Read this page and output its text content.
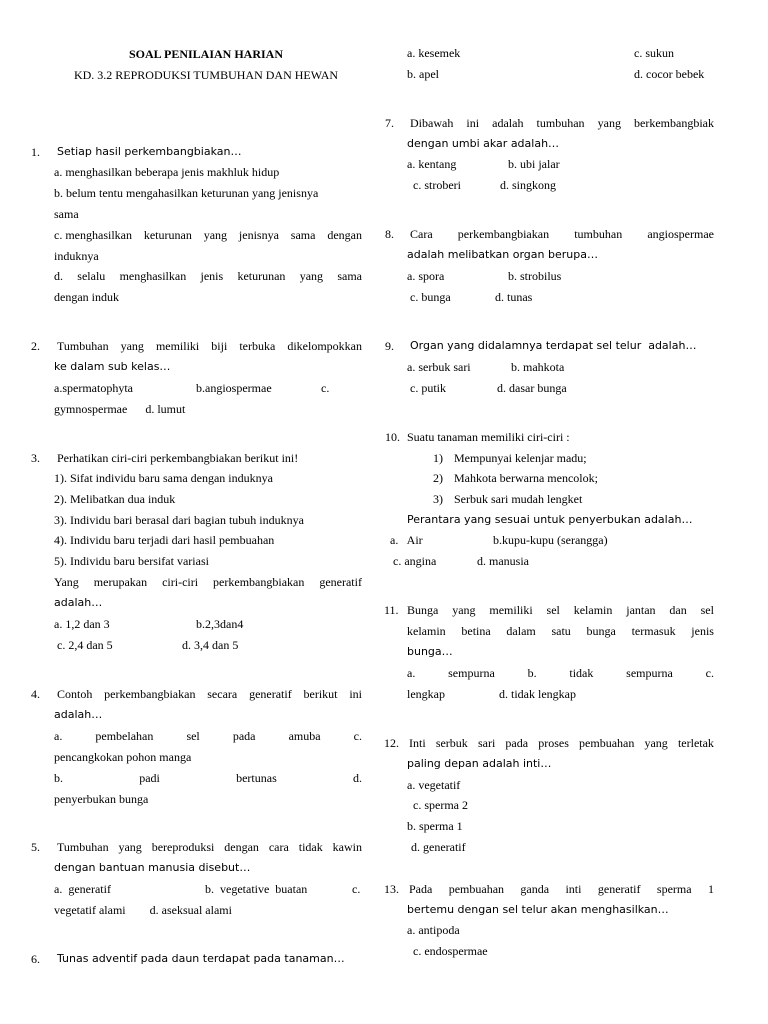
SOAL PENILAIAN HARIAN
KD. 3.2 REPRODUKSI TUMBUHAN DAN HEWAN
1. Setiap hasil perkembangbiakan…
a. menghasilkan beberapa jenis makhluk hidup
b. belum tentu mengahasilkan keturunan yang jenisnya
sama
c. menghasilkan keturunan yang jenisnya sama dengan
induknya
d. selalu menghasilkan jenis keturunan yang sama
dengan induk
2. Tumbuhan yang memiliki biji terbuka dikelompokkan
ke dalam sub kelas…
a.spermatophyta	b.angiospermae	c.
gymnospermae      d. lumut
3. Perhatikan ciri-ciri perkembangbiakan berikut ini!
1). Sifat individu baru sama dengan induknya
2). Melibatkan dua induk
3). Individu bari berasal dari bagian tubuh induknya
4). Individu baru terjadi dari hasil pembuahan
5). Individu baru bersifat variasi
Yang merupakan ciri-ciri perkembangbiakan generatif
adalah…
a. 1,2 dan 3	b.2,3dan4
c. 2,4 dan 5	d. 3,4 dan 5
4. Contoh perkembangbiakan secara generatif berikut ini
adalah…
a.	pembelahan	sel	pada	amuba	c.
pencangkokan pohon manga
b.	padi	bertunas	d.
penyerbukan bunga
5. Tumbuhan yang bereproduksi dengan cara tidak kawin
dengan bantuan manusia disebut…
a.  generatif	b.  vegetative  buatan	c.
vegetatif alami        d. aseksual alami
6. Tunas adventif pada daun terdapat pada tanaman…
a. kesemek	c. sukun
b. apel	d. cocor bebek
7. Dibawah ini adalah tumbuhan yang berkembangbiak
dengan umbi akar adalah…
a. kentang	b. ubi jalar
c. stroberi	d. singkong
8. Cara perkembangbiakan tumbuhan angiospermae
adalah melibatkan organ berupa…
a. spora	b. strobilus
c. bunga	d. tunas
9. Organ yang didalamnya terdapat sel telur  adalah…
a. serbuk sari	b. mahkota
c. putik	d. dasar bunga
10. Suatu tanaman memiliki ciri-ciri :
1) Mempunyai kelenjar madu;
2) Mahkota berwarna mencolok;
3) Serbuk sari mudah lengket
Perantara yang sesuai untuk penyerbukan adalah…
a.   Air	b.kupu-kupu (serangga)
c. angina	d. manusia
11. Bunga yang memiliki sel kelamin jantan dan sel
kelamin betina dalam satu bunga termasuk jenis
bunga…
a.	sempurna	b.	tidak	sempurna	c.
lengkap                  d. tidak lengkap
12. Inti serbuk sari pada proses pembuahan yang terletak
paling depan adalah inti…
a. vegetatif
c. sperma 2
b. sperma 1
d. generatif
13. Pada pembuahan ganda inti generatif sperma 1
bertemu dengan sel telur akan menghasilkan…
a. antipoda
c. endospermae
